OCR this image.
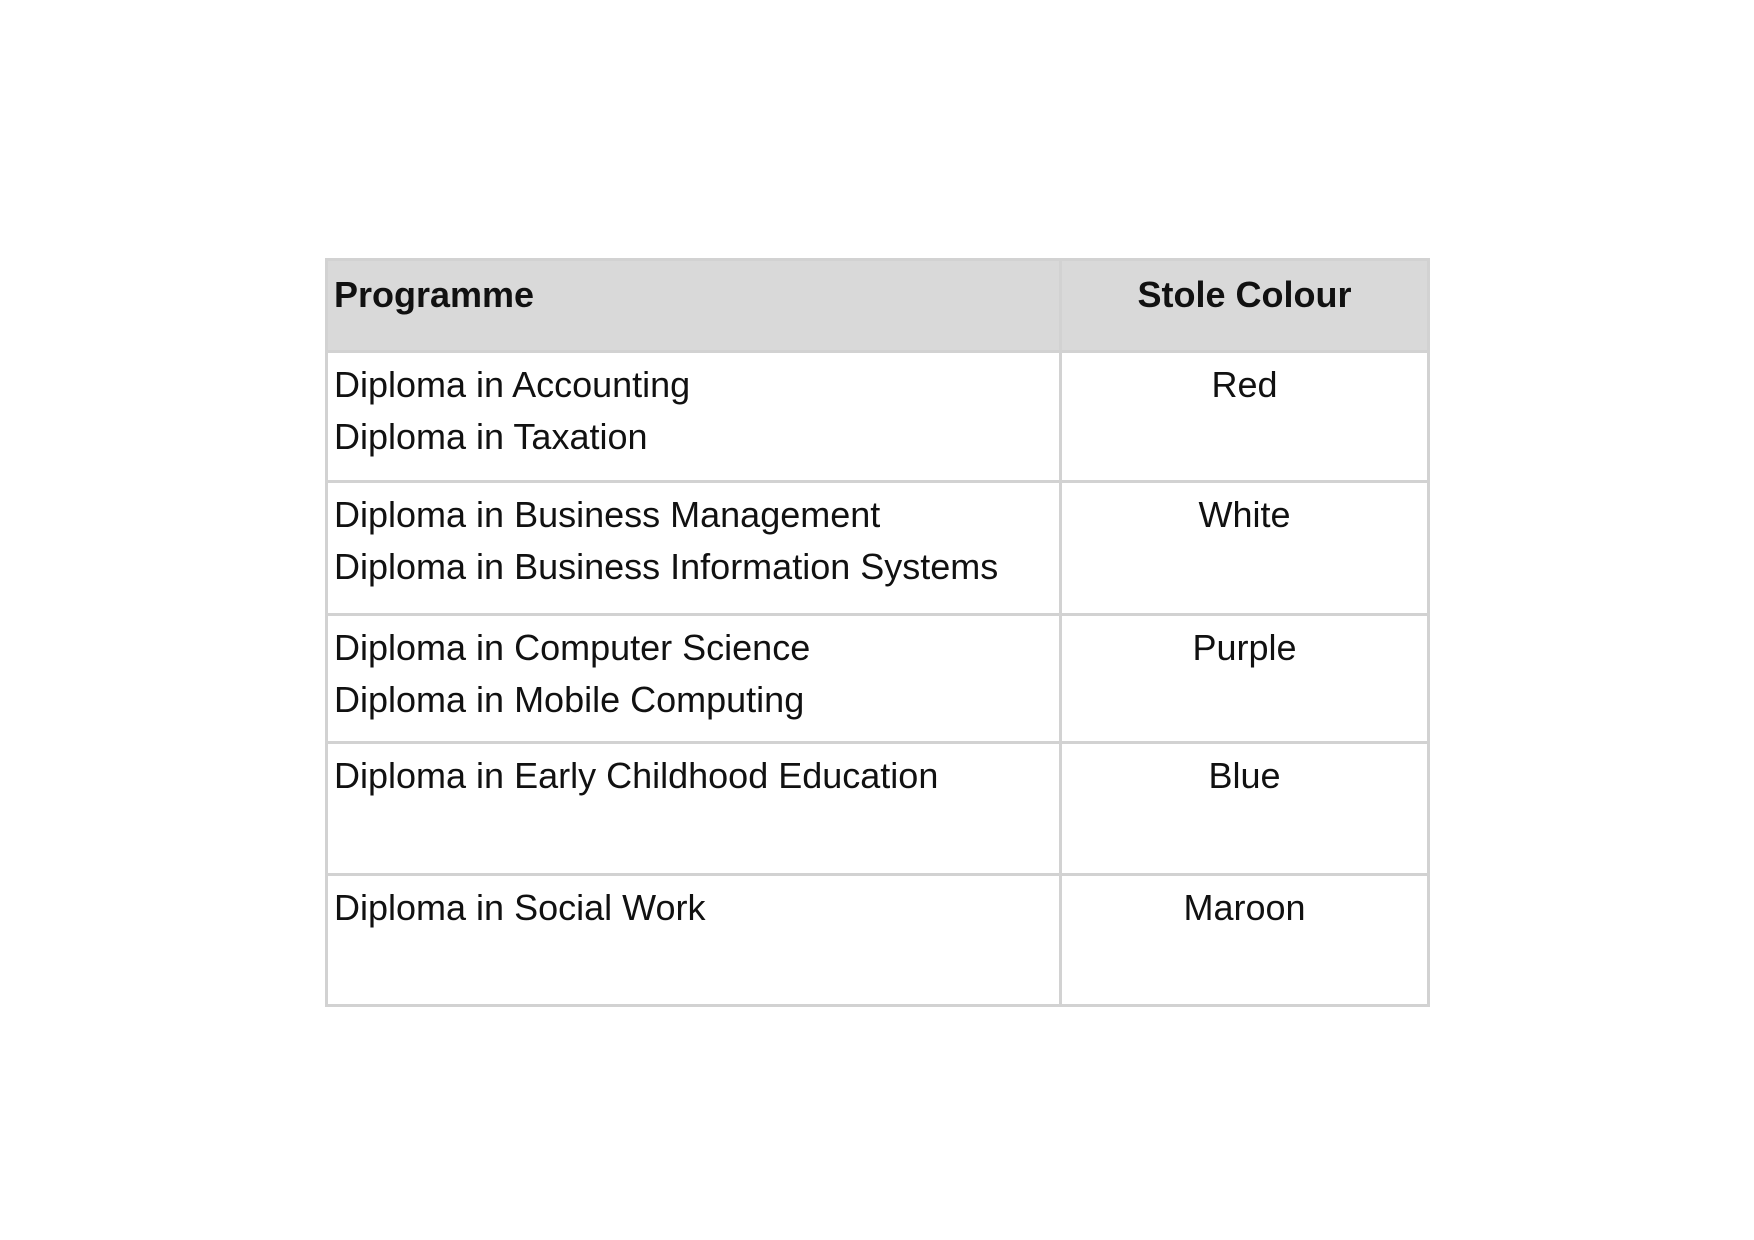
Programme	Stole Colour

Diploma in Accounting
Diploma in Taxation	Red

Diploma in Business Management
Diploma in Business Information Systems	White

Diploma in Computer Science
Diploma in Mobile Computing	Purple

Diploma in Early Childhood Education	Blue

Diploma in Social Work	Maroon
